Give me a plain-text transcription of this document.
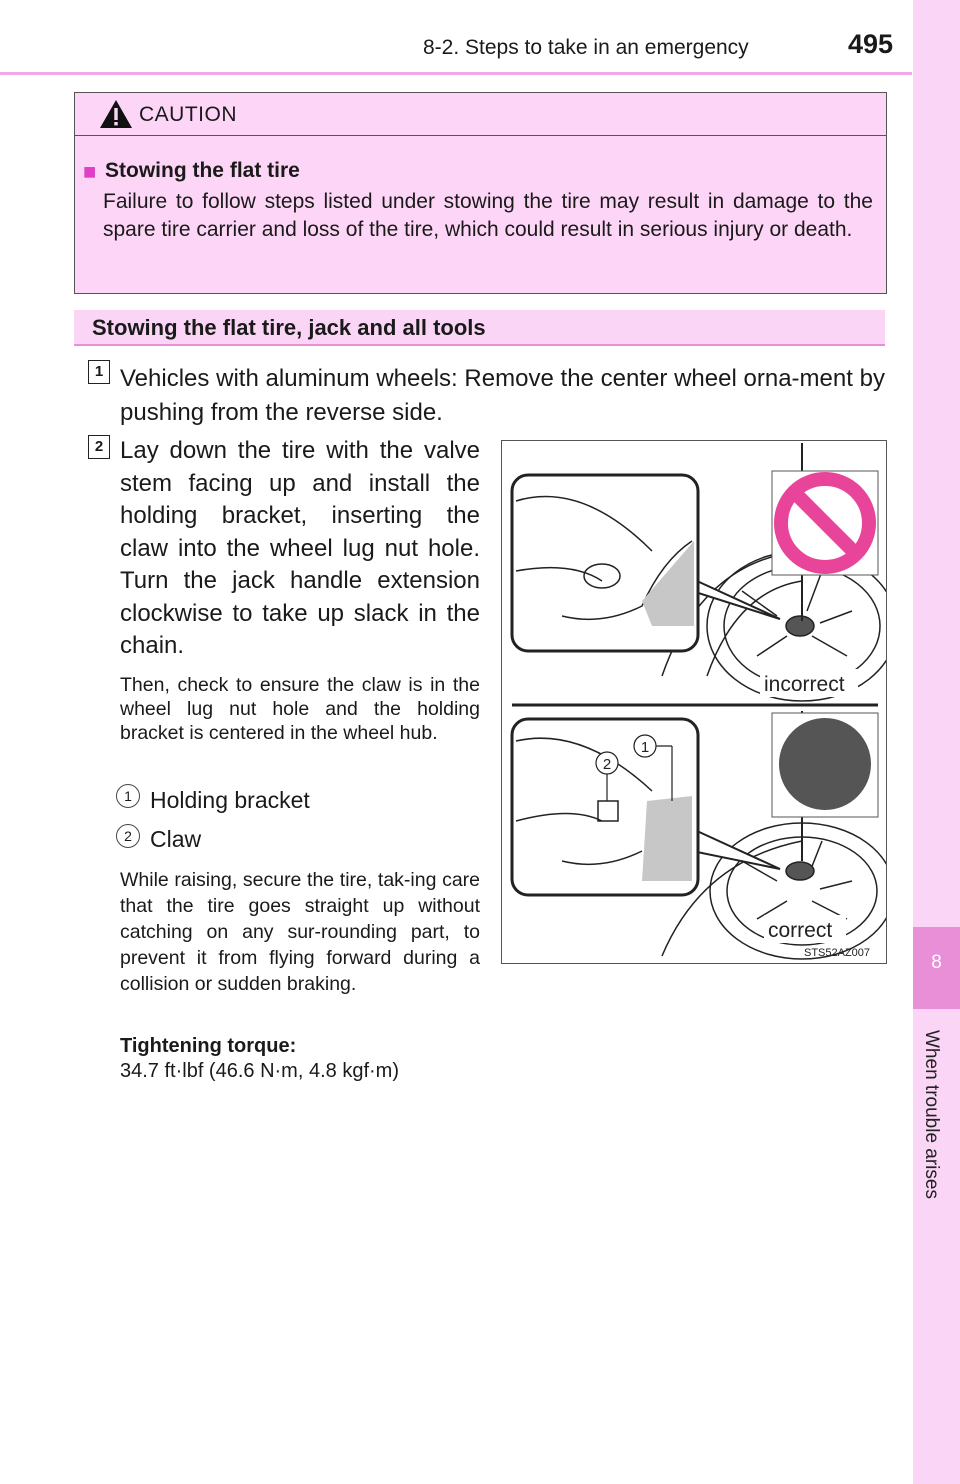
8-2. Steps to take in an emergency	495
8
When trouble arises
CAUTION
■ Stowing the flat tire
Failure to follow steps listed under stowing the tire may result in damage to the spare tire carrier and loss of the tire, which could result in serious injury or death.
Stowing the flat tire, jack and all tools
1 Vehicles with aluminum wheels: Remove the center wheel orna-ment by pushing from the reverse side.
2 Lay down the tire with the valve stem facing up and install the holding bracket, inserting the claw into the wheel lug nut hole. Turn the jack handle extension clockwise to take up slack in the chain.
Then, check to ensure the claw is in the wheel lug nut hole and the holding bracket is centered in the wheel hub.
1 Holding bracket
2 Claw
While raising, secure the tire, tak-ing care that the tire goes straight up without catching on any sur-rounding part, to prevent it from flying forward during a collision or sudden braking.
Tightening torque:
34.7 ft·lbf (46.6 N·m, 4.8 kgf·m)
2
1
incorrect
correct
STS52AZ007
